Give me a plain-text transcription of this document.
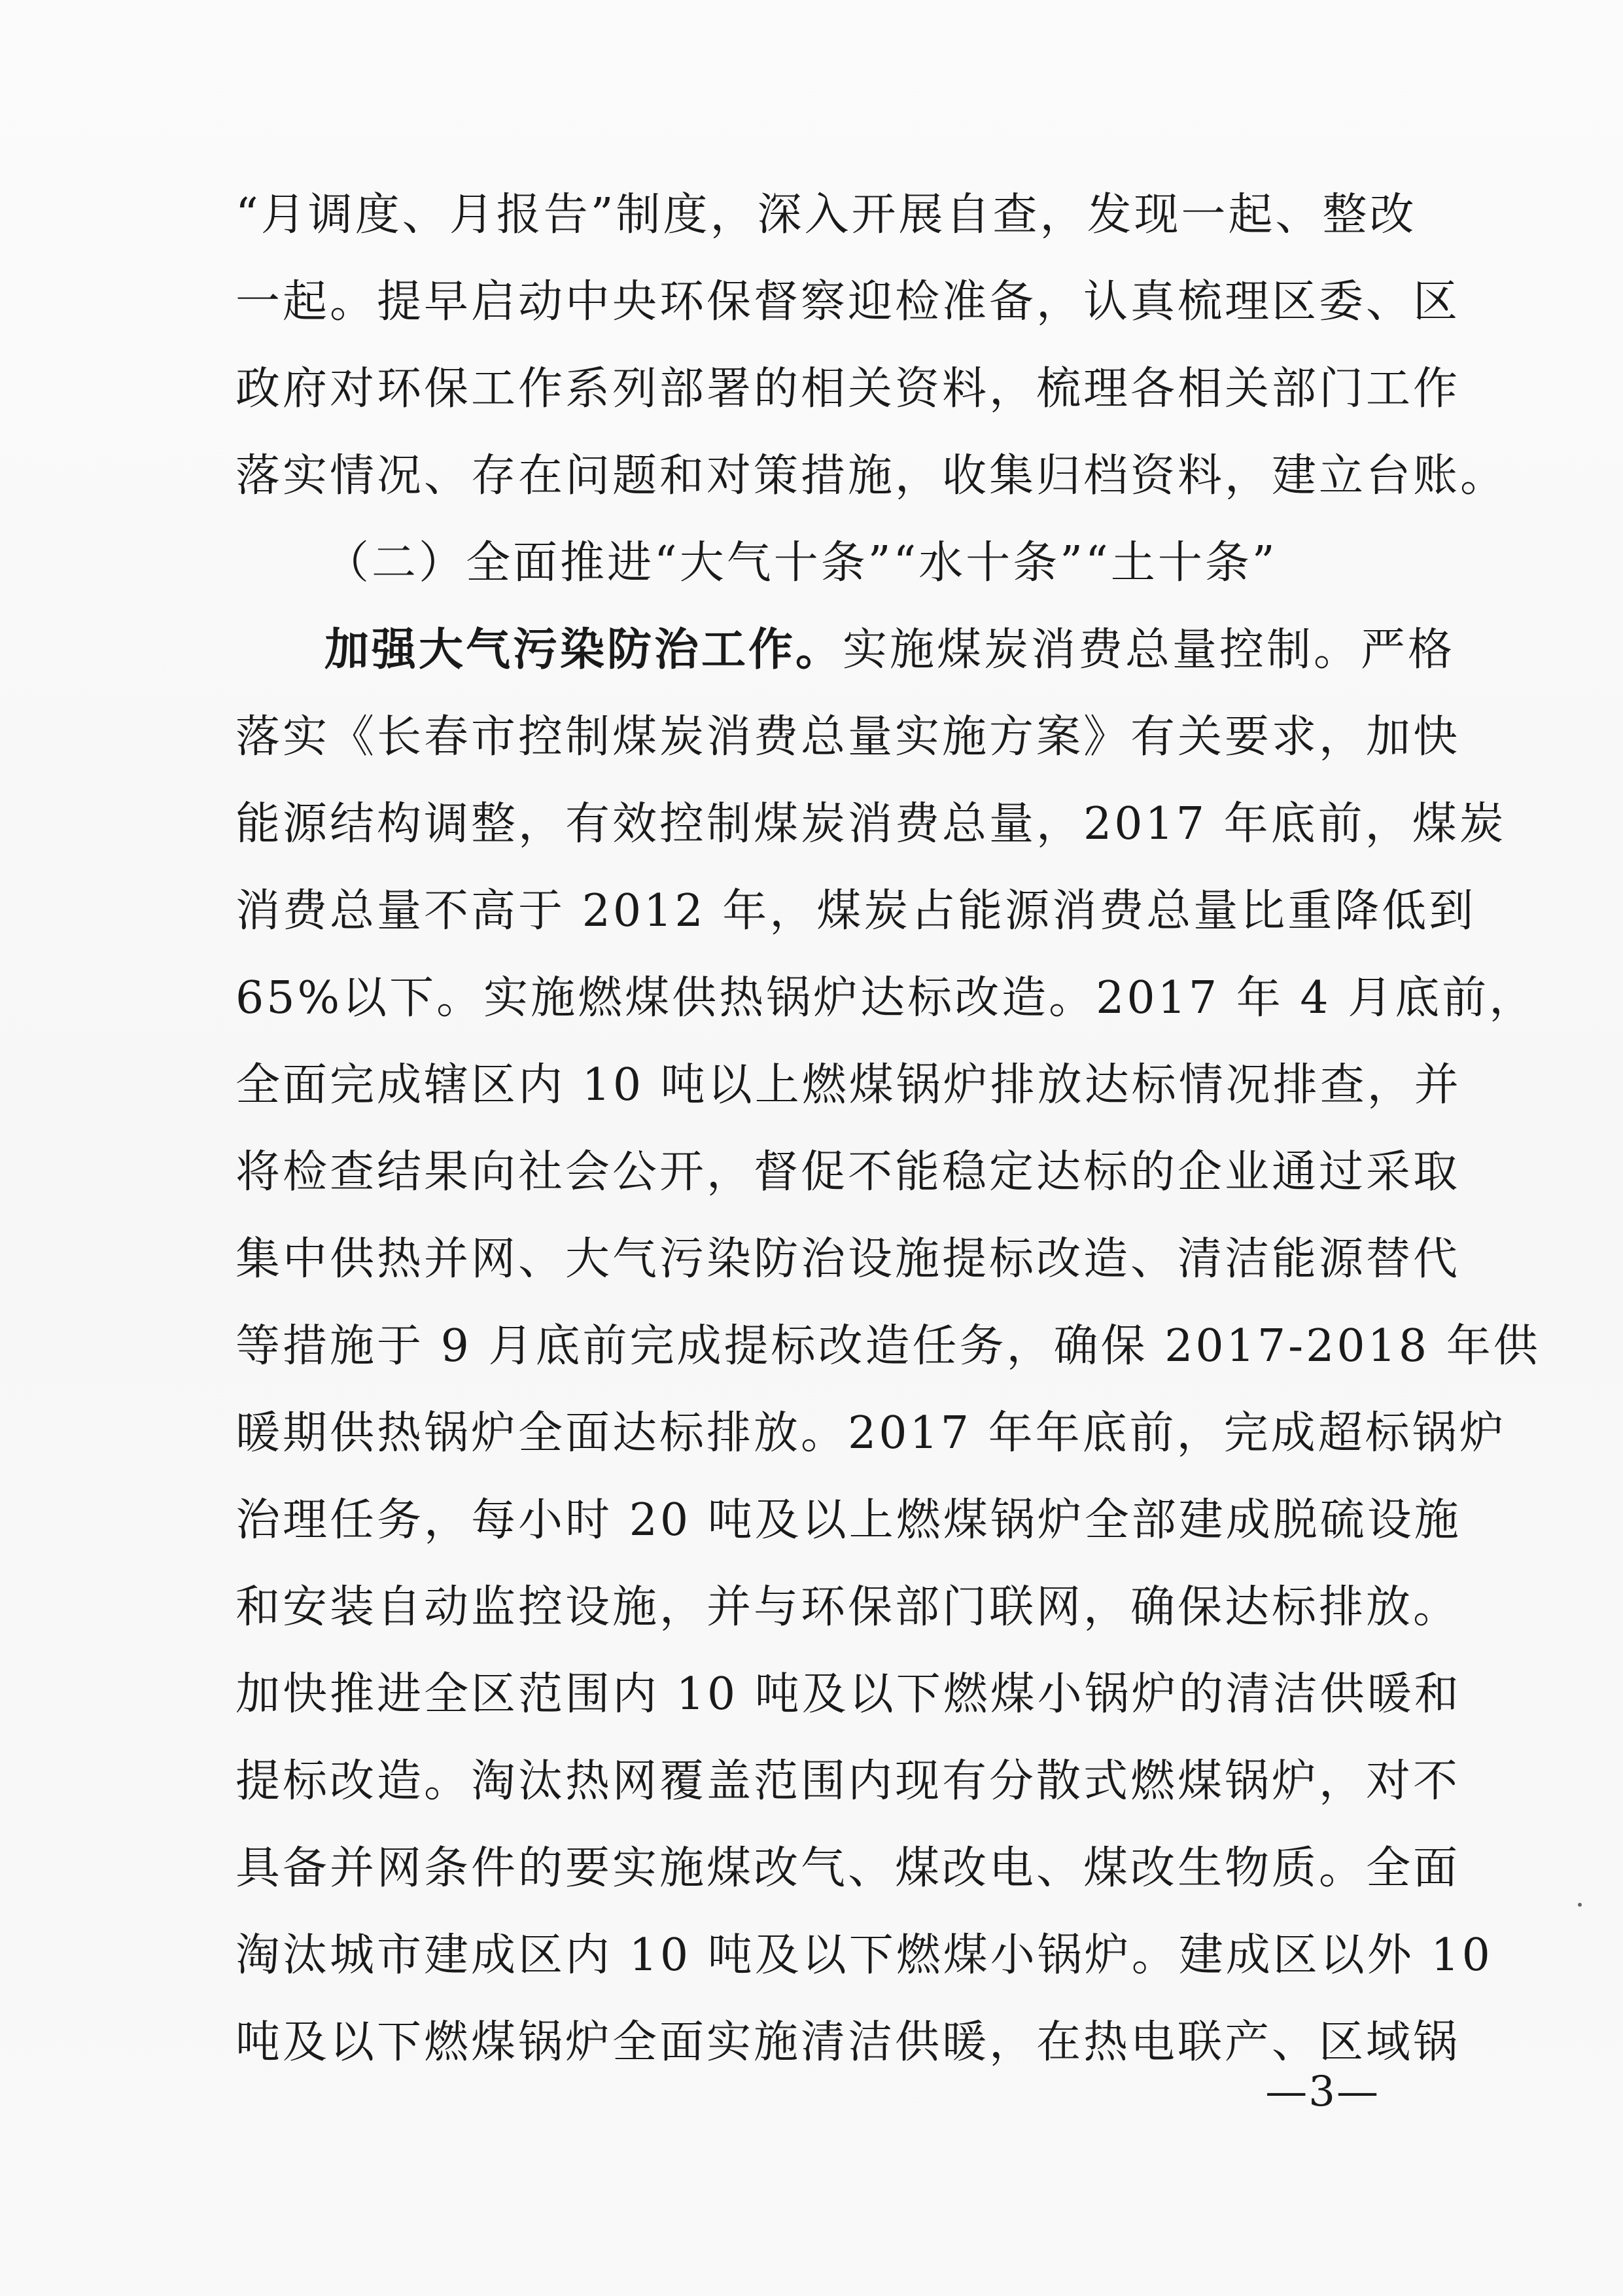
“月调度、月报告”制度，深入开展自查，发现一起、整改
一起。提早启动中央环保督察迎检准备，认真梳理区委、区
政府对环保工作系列部署的相关资料，梳理各相关部门工作
落实情况、存在问题和对策措施，收集归档资料，建立台账。
（二）全面推进“大气十条”“水十条”“土十条”
加强大气污染防治工作。实施煤炭消费总量控制。严格
落实《长春市控制煤炭消费总量实施方案》有关要求，加快
能源结构调整，有效控制煤炭消费总量，2017 年底前，煤炭
消费总量不高于 2012 年，煤炭占能源消费总量比重降低到
65%以下。实施燃煤供热锅炉达标改造。2017 年 4 月底前，
全面完成辖区内 10 吨以上燃煤锅炉排放达标情况排查，并
将检查结果向社会公开，督促不能稳定达标的企业通过采取
集中供热并网、大气污染防治设施提标改造、清洁能源替代
等措施于 9 月底前完成提标改造任务，确保 2017-2018 年供
暖期供热锅炉全面达标排放。2017 年年底前，完成超标锅炉
治理任务，每小时 20 吨及以上燃煤锅炉全部建成脱硫设施
和安装自动监控设施，并与环保部门联网，确保达标排放。
加快推进全区范围内 10 吨及以下燃煤小锅炉的清洁供暖和
提标改造。淘汰热网覆盖范围内现有分散式燃煤锅炉，对不
具备并网条件的要实施煤改气、煤改电、煤改生物质。全面
淘汰城市建成区内 10 吨及以下燃煤小锅炉。建成区以外 10
吨及以下燃煤锅炉全面实施清洁供暖，在热电联产、区域锅
—3—
